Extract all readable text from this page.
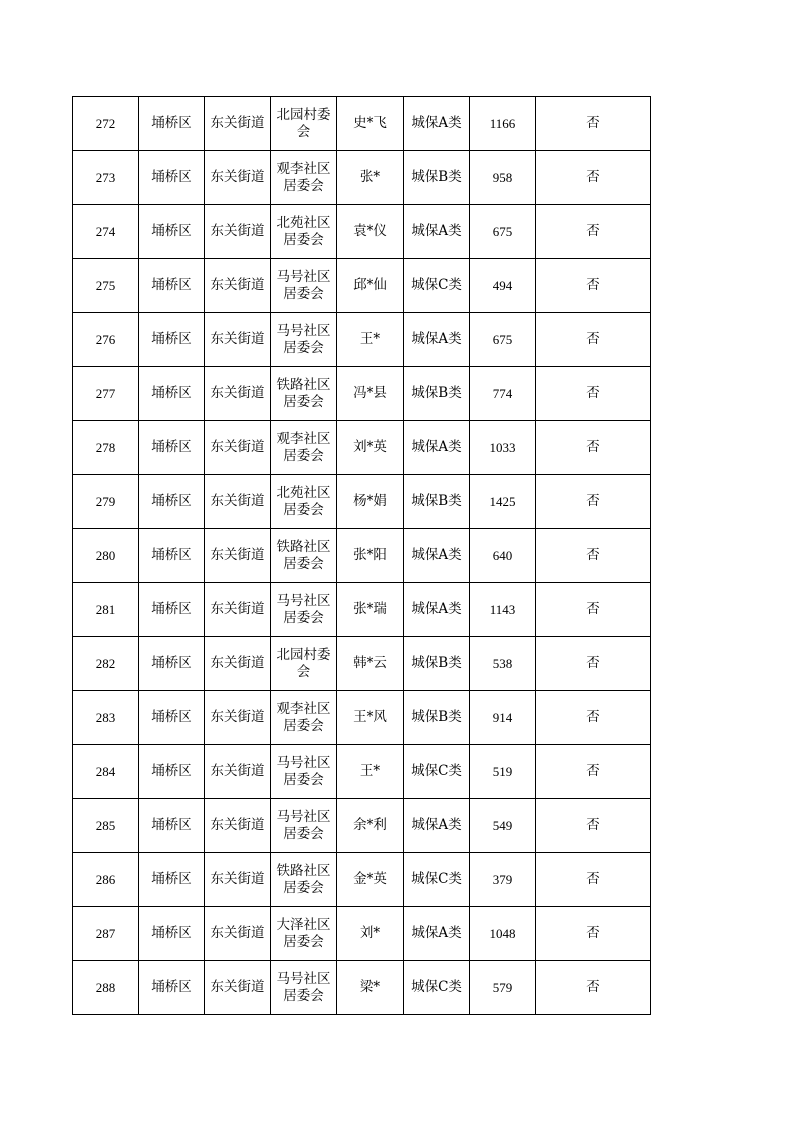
272	埇桥区	东关街道	北园村委会	史*飞	城保A类	1166	否
273	埇桥区	东关街道	观李社区居委会	张*	城保B类	958	否
274	埇桥区	东关街道	北苑社区居委会	袁*仪	城保A类	675	否
275	埇桥区	东关街道	马号社区居委会	邱*仙	城保C类	494	否
276	埇桥区	东关街道	马号社区居委会	王*	城保A类	675	否
277	埇桥区	东关街道	铁路社区居委会	冯*县	城保B类	774	否
278	埇桥区	东关街道	观李社区居委会	刘*英	城保A类	1033	否
279	埇桥区	东关街道	北苑社区居委会	杨*娟	城保B类	1425	否
280	埇桥区	东关街道	铁路社区居委会	张*阳	城保A类	640	否
281	埇桥区	东关街道	马号社区居委会	张*瑞	城保A类	1143	否
282	埇桥区	东关街道	北园村委会	韩*云	城保B类	538	否
283	埇桥区	东关街道	观李社区居委会	王*风	城保B类	914	否
284	埇桥区	东关街道	马号社区居委会	王*	城保C类	519	否
285	埇桥区	东关街道	马号社区居委会	余*利	城保A类	549	否
286	埇桥区	东关街道	铁路社区居委会	金*英	城保C类	379	否
287	埇桥区	东关街道	大泽社区居委会	刘*	城保A类	1048	否
288	埇桥区	东关街道	马号社区居委会	梁*	城保C类	579	否
